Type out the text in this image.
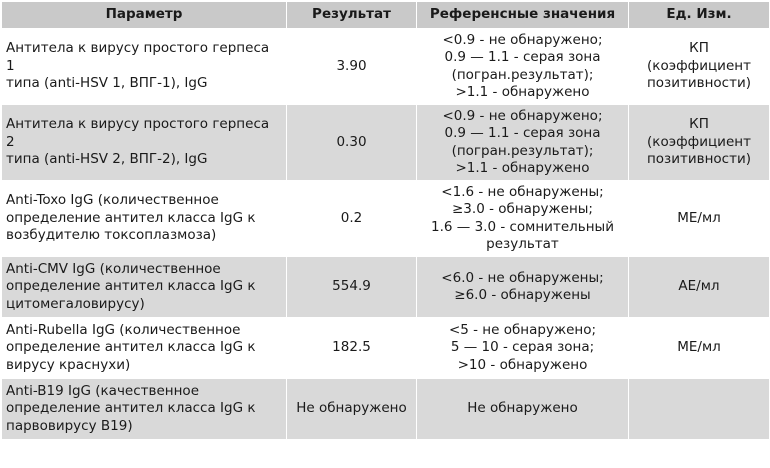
Параметр	Результат	Референсные значения	Ед. Изм.
Антитела к вирусу простого герпеса 1
типа (anti-HSV 1, ВПГ-1), IgG	3.90	<0.9 - не обнаружено;
0.9 — 1.1 - серая зона
(погран.результат);
>1.1 - обнаружено	КП
(коэффициент
позитивности)
Антитела к вирусу простого герпеса 2
типа (anti-HSV 2, ВПГ-2), IgG	0.30	<0.9 - не обнаружено;
0.9 — 1.1 - серая зона
(погран.результат);
>1.1 - обнаружено	КП
(коэффициент
позитивности)
Anti-Toxo IgG (количественное
определение антител класса IgG к
возбудителю токсоплазмоза)	0.2	<1.6 - не обнаружены;
≥3.0 - обнаружены;
1.6 — 3.0 - сомнительный
результат	МЕ/мл
Anti-CMV IgG (количественное
определение антител класса IgG к
цитомегаловирусу)	554.9	<6.0 - не обнаружены;
≥6.0 - обнаружены	АЕ/мл
Anti-Rubella IgG (количественное
определение антител класса IgG к
вирусу краснухи)	182.5	<5 - не обнаружено;
5 — 10 - серая зона;
>10 - обнаружено	МЕ/мл
Anti-B19 IgG (качественное
определение антител класса IgG к
парвовирусу B19)	Не обнаружено	Не обнаружено	
